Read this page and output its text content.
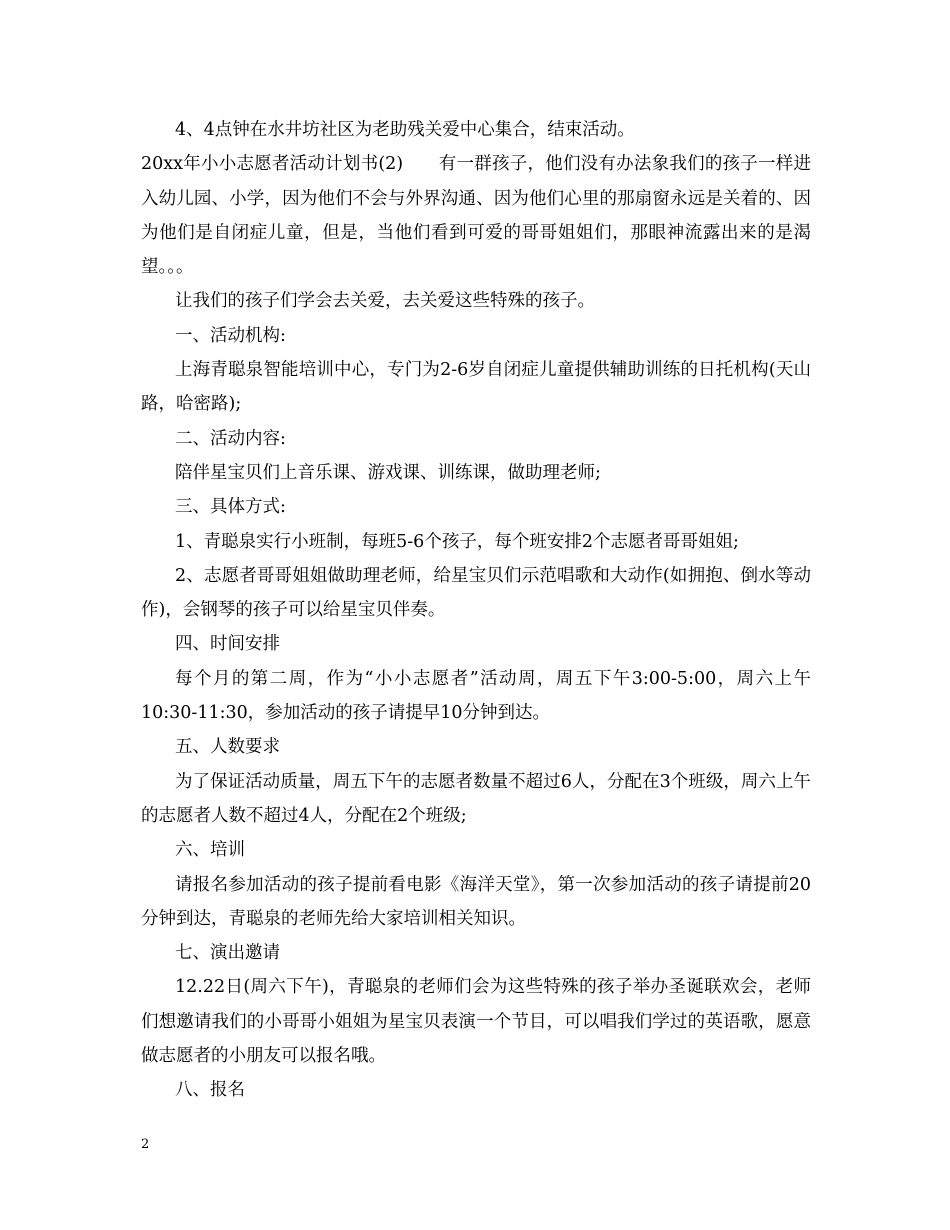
4、4点钟在水井坊社区为老助残关爱中心集合，结束活动。

20xx年小小志愿者活动计划书(2)　　有一群孩子，他们没有办法象我们的孩子一样进入幼儿园、小学，因为他们不会与外界沟通、因为他们心里的那扇窗永远是关着的、因为他们是自闭症儿童，但是，当他们看到可爱的哥哥姐姐们，那眼神流露出来的是渴望。。。

让我们的孩子们学会去关爱，去关爱这些特殊的孩子。

一、活动机构:

上海青聪泉智能培训中心，专门为2-6岁自闭症儿童提供辅助训练的日托机构(天山路，哈密路);

二、活动内容:

陪伴星宝贝们上音乐课、游戏课、训练课，做助理老师;

三、具体方式:

1、青聪泉实行小班制，每班5-6个孩子，每个班安排2个志愿者哥哥姐姐;

2、志愿者哥哥姐姐做助理老师，给星宝贝们示范唱歌和大动作(如拥抱、倒水等动作)，会钢琴的孩子可以给星宝贝伴奏。

四、时间安排

每个月的第二周，作为“小小志愿者”活动周，周五下午3:00-5:00，周六上午10:30-11:30，参加活动的孩子请提早10分钟到达。

五、人数要求

为了保证活动质量，周五下午的志愿者数量不超过6人，分配在3个班级，周六上午的志愿者人数不超过4人，分配在2个班级;

六、培训

请报名参加活动的孩子提前看电影《海洋天堂》，第一次参加活动的孩子请提前20分钟到达，青聪泉的老师先给大家培训相关知识。

七、演出邀请

12.22日(周六下午)，青聪泉的老师们会为这些特殊的孩子举办圣诞联欢会，老师们想邀请我们的小哥哥小姐姐为星宝贝表演一个节目，可以唱我们学过的英语歌，愿意做志愿者的小朋友可以报名哦。

八、报名

2
